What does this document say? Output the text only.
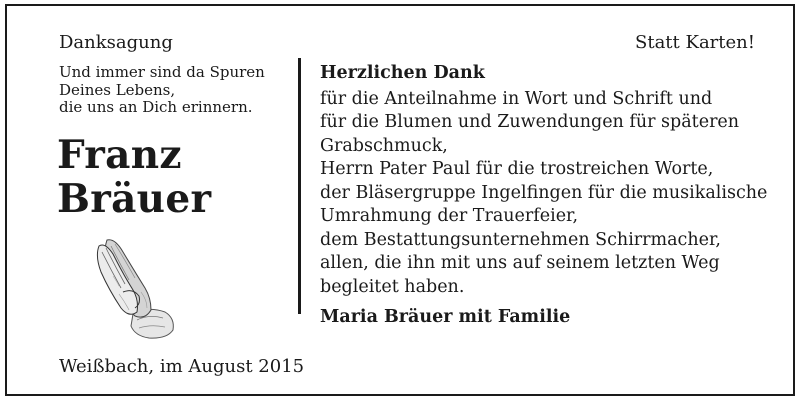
Danksagung	Statt Karten!
Und immer sind da Spuren
Deines Lebens,
die uns an Dich erinnern.
Franz
Bräuer
Weißbach, im August 2015
Herzlichen Dank
für die Anteilnahme in Wort und Schrift und
für die Blumen und Zuwendungen für späteren
Grabschmuck,
Herrn Pater Paul für die trostreichen Worte,
der Bläsergruppe Ingelfingen für die musikalische
Umrahmung der Trauerfeier,
dem Bestattungsunternehmen Schirrmacher,
allen, die ihn mit uns auf seinem letzten Weg
begleitet haben.
Maria Bräuer mit Familie
